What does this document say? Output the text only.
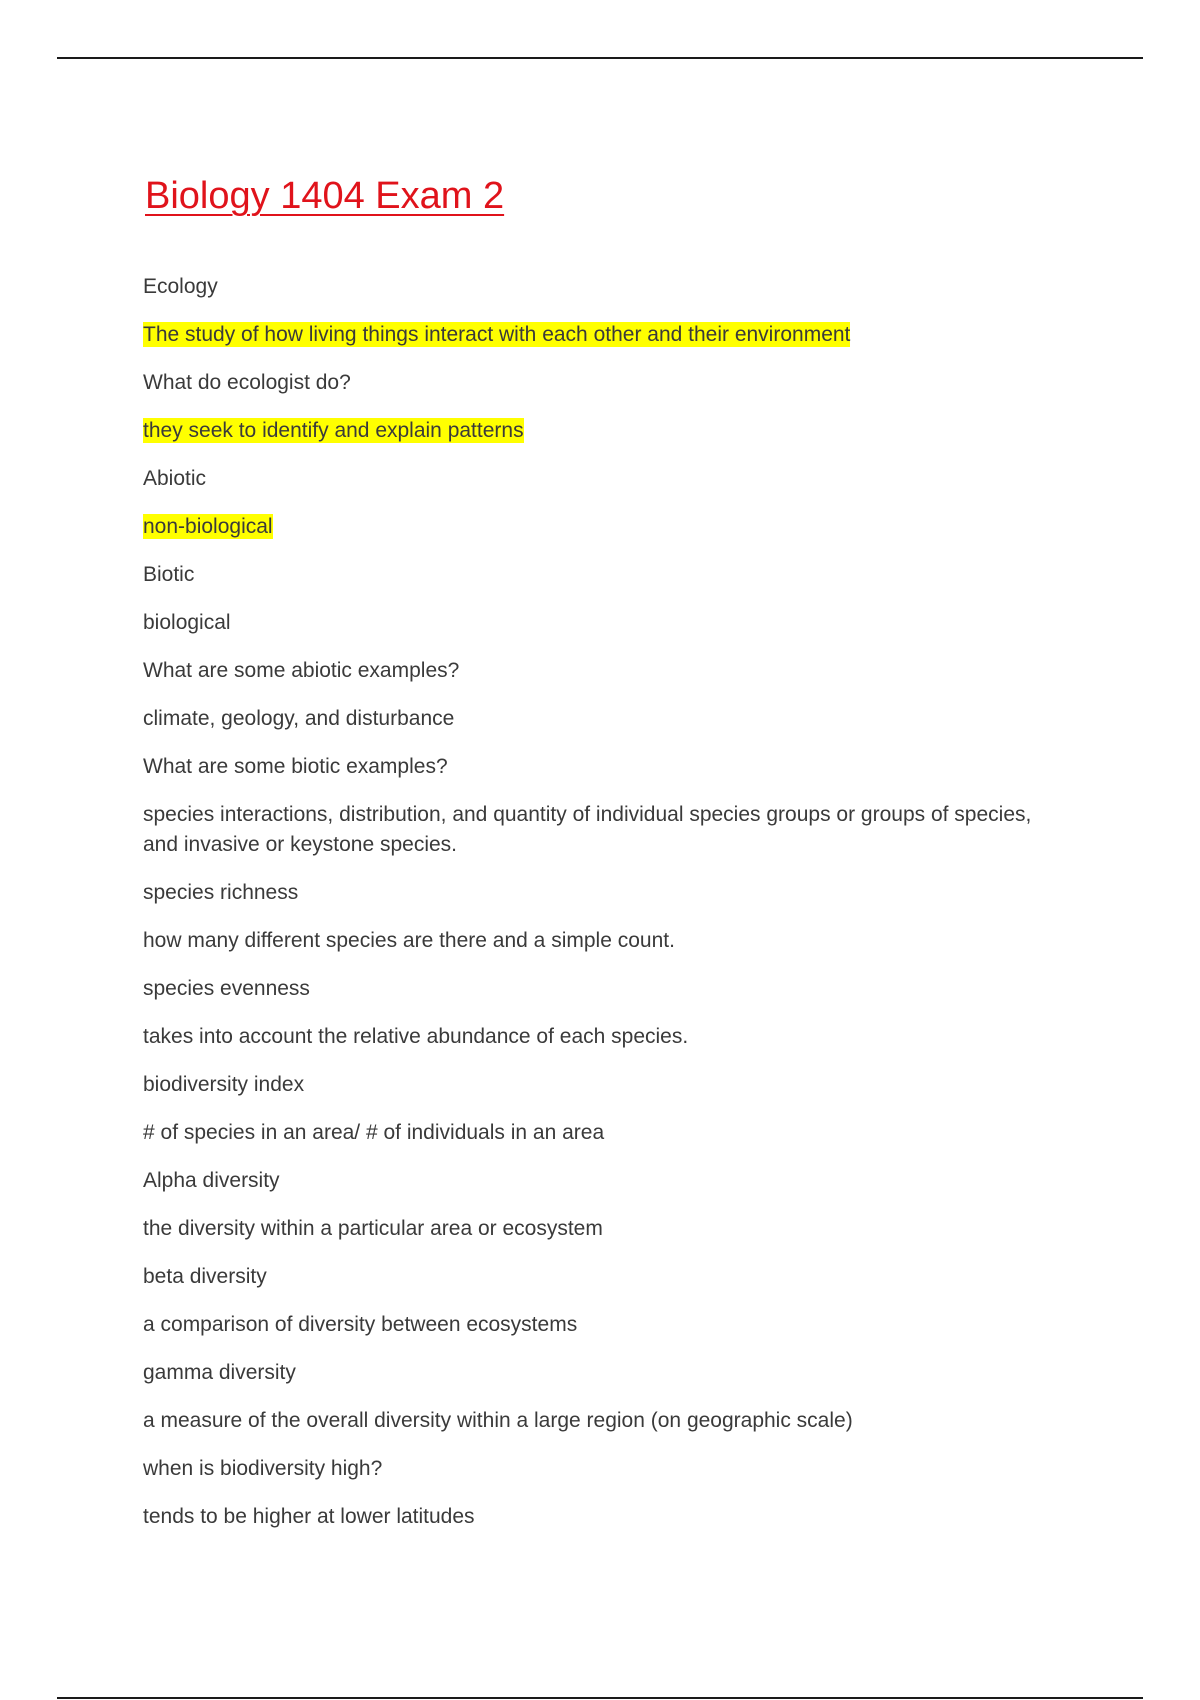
Biology 1404 Exam 2
Ecology
The study of how living things interact with each other and their environment
What do ecologist do?
they seek to identify and explain patterns
Abiotic
non-biological
Biotic
biological
What are some abiotic examples?
climate, geology, and disturbance
What are some biotic examples?
species interactions, distribution, and quantity of individual species groups or groups of species, and invasive or keystone species.
species richness
how many different species are there and a simple count.
species evenness
takes into account the relative abundance of each species.
biodiversity index
# of species in an area/ # of individuals in an area
Alpha diversity
the diversity within a particular area or ecosystem
beta diversity
a comparison of diversity between ecosystems
gamma diversity
a measure of the overall diversity within a large region (on geographic scale)
when is biodiversity high?
tends to be higher at lower latitudes
